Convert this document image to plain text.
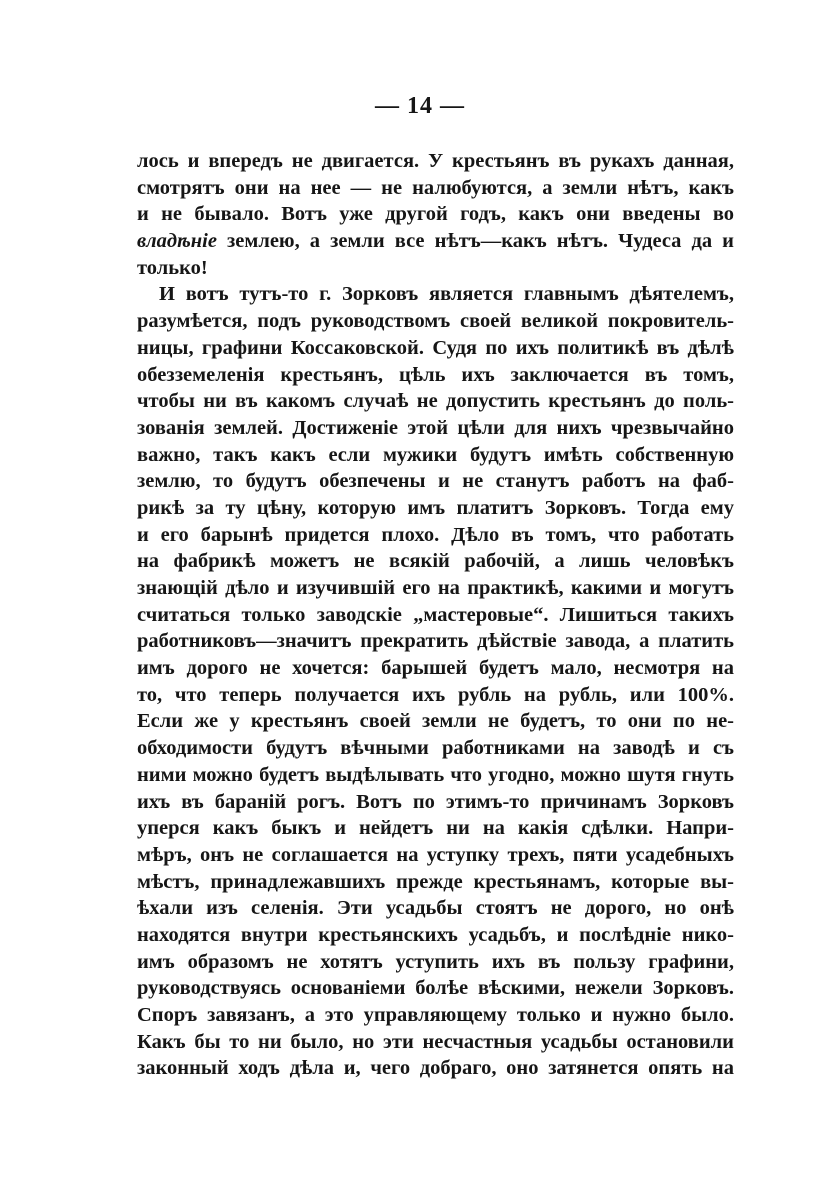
— 14 —
лось и впередъ не двигается. У крестьянъ въ рукахъ данная,
смотрятъ они на нее — не налюбуются, а земли нѣтъ, какъ
и не бывало. Вотъ уже другой годъ, какъ они введены во
владѣніе землею, а земли все нѣтъ—какъ нѣтъ. Чудеса да и
только!
И вотъ тутъ-то г. Зорковъ является главнымъ дѣятелемъ,
разумѣется, подъ руководствомъ своей великой покровитель-
ницы, графини Коссаковской. Судя по ихъ политикѣ въ дѣлѣ
обезземеленія крестьянъ, цѣль ихъ заключается въ томъ,
чтобы ни въ какомъ случаѣ не допустить крестьянъ до поль-
зованія землей. Достиженіе этой цѣли для нихъ чрезвычайно
важно, такъ какъ если мужики будутъ имѣть собственную
землю, то будутъ обезпечены и не станутъ работъ на фаб-
рикѣ за ту цѣну, которую имъ платитъ Зорковъ. Тогда ему
и его барынѣ придется плохо. Дѣло въ томъ, что работать
на фабрикѣ можетъ не всякій рабочій, а лишь человѣкъ
знающій дѣло и изучившій его на практикѣ, какими и могутъ
считаться только заводскіе „мастеровые“. Лишиться такихъ
работниковъ—значитъ прекратить дѣйствіе завода, а платить
имъ дорого не хочется: барышей будетъ мало, несмотря на
то, что теперь получается ихъ рубль на рубль, или 100%.
Если же у крестьянъ своей земли не будетъ, то они по не-
обходимости будутъ вѣчными работниками на заводѣ и съ
ними можно будетъ выдѣлывать что угодно, можно шутя гнуть
ихъ въ бараній рогъ. Вотъ по этимъ-то причинамъ Зорковъ
уперся какъ быкъ и нейдетъ ни на какія сдѣлки. Напри-
мѣръ, онъ не соглашается на уступку трехъ, пяти усадебныхъ
мѣстъ, принадлежавшихъ прежде крестьянамъ, которые вы-
ѣхали изъ селенія. Эти усадьбы стоятъ не дорого, но онѣ
находятся внутри крестьянскихъ усадьбъ, и послѣдніе нико-
имъ образомъ не хотятъ уступить ихъ въ пользу графини,
руководствуясь основаніеми болѣе вѣскими, нежели Зорковъ.
Споръ завязанъ, а это управляющему только и нужно было.
Какъ бы то ни было, но эти несчастныя усадьбы остановили
законный ходъ дѣла и, чего добраго, оно затянется опять на
